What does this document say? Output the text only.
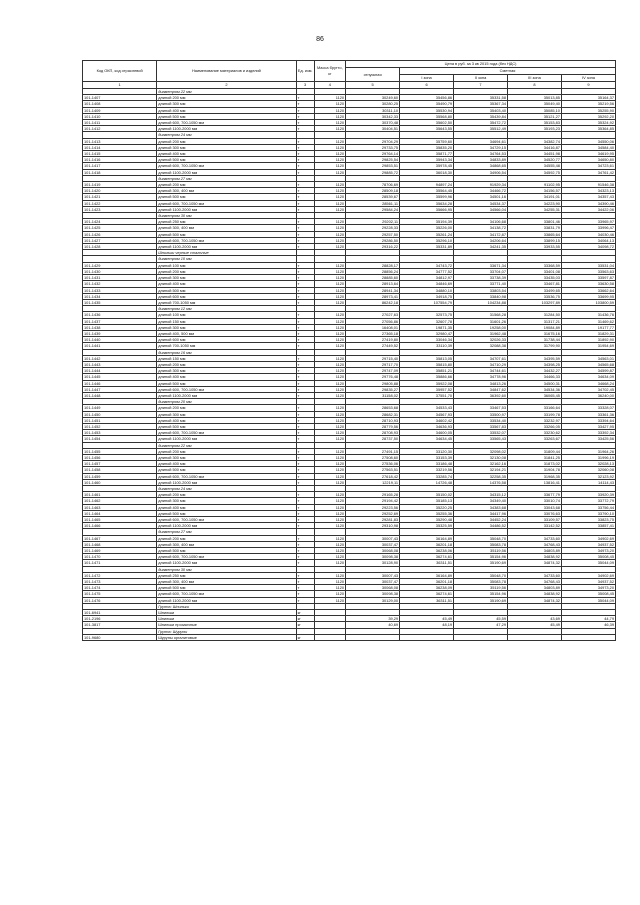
86
Код ОКП, код отраслевой	Наименование материалов и изделий	Ед. изм.	Масса брутто, кг	Цена в руб. за 3 кв 2015 года (без НДС)				
				отпускная	Сметная			
					I зона	II зона	III зона	IV зона
1	2	3	4	5	6	7	8	9
	диаметром 22 мм							
101-1407	длиной 200 мм	т	1120	30249,60	35456,86	35331,58	35013,85	35164,37
101-1408	длиной 300 мм	т	1120	30280,25	35490,79	35367,34	35049,40	35219,56
101-1409	длиной 400 мм	т	1120	30311,10	35530,94	35403,40	35085,10	35255,90
101-1410	длиной 500 мм	т	1120	30342,33	35568,80	35439,84	35121,27	35292,20
101-1411	длиной 600, 700-1050 мм	т	1120	30370,48	35602,50	35472,72	35153,83	35324,92
101-1412	длиной 1100-2000 мм	т	1120	30404,51	35643,55	35512,49	35193,23	35364,85
	диаметром 24 мм							
101-1413	длиной 200 мм	т	1120	29704,29	35759,60	34694,61	34382,74	34550,06
101-1414	длиной 300 мм	т	1120	29733,75	35835,20	34729,15	34416,87	34584,40
101-1415	длиной 400 мм	т	1120	29764,14	35871,77	34764,53	34451,98	34619,95
101-1416	длиной 500 мм	т	1120	29825,54	35943,34	34833,89	34520,77	34650,80
101-1417	длиной 600, 700-1050 мм	т	1120	29853,51	35978,45	34868,65	34555,48	34723,61
101-1418	длиной 1100-2000 мм	т	1120	29885,72	36018,30	34906,54	34592,75	34761,42
	диаметром 27 мм							
101-1419	длиной 200 мм	т	1120	78706,69	94897,24	91929,34	91102,95	91546,38
101-1420	длиной 300, 400 мм	т	1120	28509,18	35564,45	34466,72	34156,57	34323,13
101-1421	длиной 500 мм	т	1120	28539,67	35599,96	34501,16	34191,01	34357,43
101-1422	длиной 600, 700-1050 мм	т	1120	28561,11	35634,28	34534,37	34223,90	34390,46
101-1423	длиной 1100-2000 мм	т	1120	29584,24	35666,95	34566,04	34255,31	34422,06
	диаметром 30 мм							
101-1424	длиной 250 мм	т	1120	29202,11	35194,39	34106,68	33801,46	33965,97
101-1425	длиной 300, 400 мм	т	1120	29228,33	35226,00	34138,72	33831,79	33996,47
101-1426	длиной 500 мм	т	1120	29257,50	35261,24	34172,87	33865,64	34030,46
101-1427	длиной 600, 700-1050 мм	т	1120	29286,50	35296,10	34206,64	33899,15	34064,13
101-1428	длиной 1100-2000 мм	т	1120	29316,22	35331,89	34241,35	33933,55	34098,72
	Шпильки черные стальные							
	диаметром 10 мм							
101-1429	длиной 100 мм	т	1120	28828,17	34743,72	33671,34	33368,59	33531,04
101-1430	длиной 200 мм	т	1120	28856,24	34777,52	33704,07	33401,08	33563,63
101-1431	длиной 300 мм	т	1120	28885,60	34812,97	33738,39	33435,03	33597,87
101-1432	длиной 400 мм	т	1120	28913,64	34846,69	33771,40	33467,81	33630,58
101-1433	длиной 500 мм	т	1120	28941,34	34880,10	33803,54	33499,65	33662,64
101-1434	длиной 600 мм	т	1120	28973,41	34918,75	33840,98	33536,75	33699,95
101-1435	длиной 700-1050 мм	т	1120	86242,18	107554,79	104234,88	103297,89	103800,59
	диаметром 12 мм							
101-1436	длиной 100 мм	т	1120	27027,63	32573,75	31568,28	31284,50	31436,76
101-1437	длиной 150 мм	т	1120	27056,86	32607,78	31601,26	31317,21	31469,62
101-1438	длиной 300 мм	т	1120	16408,01	19871,35	19258,00	19084,89	19177,77
101-1439	длиной 400, 500 мм	т	1120	27365,18	32980,47	31962,48	31675,16	31829,31
101-1440	длиной 600 мм	т	1120	27419,80	33046,34	32026,33	31738,44	31892,90
101-1441	длиной 700-1050 мм	т	1120	27449,52	33110,39	32088,38	31799,90	31954,69
	диаметром 16 мм							
101-1442	длиной 150 мм	т	1120	29715,40	35813,05	34707,61	34395,59	34563,01
101-1443	длиной 200 мм	т	1120	29717,70	35815,80	34710,29	34398,25	34565,68
101-1444	длиной 300 мм	т	1120	29747,09	35851,21	34744,61	34432,27	34599,87
101-1445	длиной 400 мм	т	1120	29776,48	35886,66	34778,96	34466,33	34634,09
101-1446	длиной 500 мм	т	1120	29805,88	35922,08	34813,26	34500,31	34668,24
101-1447	длиной 600, 700-1050 мм	т	1120	29835,27	35957,52	34847,62	34534,36	34702,45
101-1448	длиной 1100-2000 мм	т	1120	31158,02	37551,70	36392,60	36065,45	36240,00
	диаметром 20 мм							
101-1449	длиной 200 мм	т	1120	28653,68	34533,43	33467,53	33166,64	33328,07
101-1450	длиной 300 мм	т	1120	28682,31	34567,93	33500,97	33199,78	33361,36
101-1451	длиной 400 мм	т	1120	28710,93	34602,42	33534,40	33232,97	33394,64
101-1452	длиной 500 мм	т	1120	28779,56	34636,93	33567,83	33266,05	33427,95
101-1453	длиной 600, 700-1050 мм	т	1120	28708,93	34600,05	33532,07	33230,62	33392,34
101-1454	длиной 1100-2000 мм	т	1120	28737,50	34634,45	33565,43	33263,67	33425,56
	диаметром 22 мм							
101-1455	длиной 200 мм	т	1120	27491,15	33120,30	32098,02	31809,44	31964,26
101-1456	длиной 300 мм	т	1120	27508,60	33153,39	32130,08	31841,25	31996,19
101-1457	длиной 400 мм	т	1120	27536,06	33186,48	32162,16	31873,02	32028,13
101-1458	длиной 500 мм	т	1120	27563,51	33219,56	32194,21	31904,78	32060,08
101-1459	длиной 600, 700-1050 мм	т	1120	27618,42	33285,74	32258,35	31968,35	32123,92
101-1460	длиной 1100-2000 мм	т	1120	12219,11	14726,48	14376,58	13816,41	14114,43
	диаметром 24 мм							
101-1461	длиной 200 мм	т	1120	29165,28	35150,02	34315,12	33677,79	33920,39
101-1462	длиной 300 мм	т	1120	29194,42	35185,13	34349,40	33010,74	33772,79
101-1463	длиной 400 мм	т	1120	29223,56	35220,25	34383,68	33043,68	33756,44
101-1464	длиной 500 мм	т	1120	29252,69	35255,36	34417,96	33076,63	33790,10
101-1465	длиной 600, 700-1050 мм	т	1120	29281,83	35290,48	34452,24	33109,57	33823,75
101-1466	длиной 1100-2000 мм	т	1120	29310,98	35325,59	34486,52	33142,52	33857,41
	диаметром 27 мм							
101-1467	длиной 200 мм	т	1120	30007,43	36164,89	35048,70	34733,60	34902,69
101-1468	длиной 300, 400 мм	т	1120	30037,47	36201,18	35083,78	34768,43	34937,52
101-1469	длиной 500 мм	т	1120	30068,08	36238,06	35119,56	34803,89	34973,20
101-1470	длиной 600, 700-1050 мм	т	1120	30098,38	36274,61	35154,96	34838,92	35008,45
101-1471	длиной 1100-2000 мм	т	1120	30128,90	36311,51	35190,69	34874,32	35044,09
	диаметром 30 мм							
101-1472	длиной 250 мм	т	1120	30007,43	36164,89	35048,70	34733,60	34902,69
101-1473	длиной 300, 400 мм	т	1120	30037,47	36201,18	35083,78	34768,43	34937,52
101-1474	длиной 500 мм	т	1120	30068,08	36238,09	35119,56	34803,89	34973,20
101-1475	длиной 600, 700-1050 мм	т	1120	30098,38	36274,61	35154,96	34838,92	35008,45
101-1476	длиной 1100-2000 мм	т	1120	30129,00	36311,51	35190,69	34874,32	35044,09
	Группа: Шпильки							
101-6941	Шпильки	кг						
101-2196	Шпильки	кг		39,29	45,49	45,59	43,69	44,79
101-3817	Шпильки прозаичные	кг		40,69	48,19	47,29	45,49	46,39
	Группа: Шурупы							
101-9680	Шурупы оргалитовые	кг						
